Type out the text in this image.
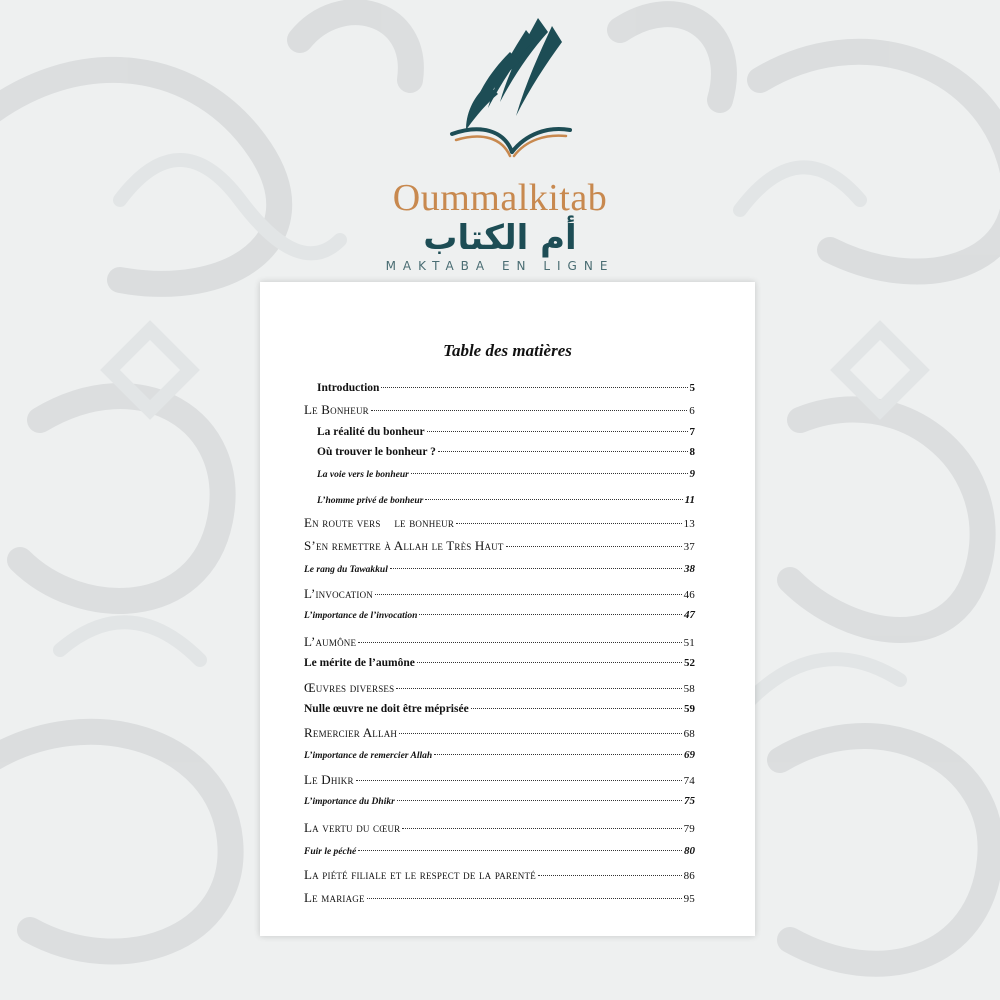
Oummalkitab
أم الكتاب
MAKTABA EN LIGNE
Table des matières
Introduction	5
Le Bonheur	6
La réalité du bonheur	7
Où trouver le bonheur ?	8
La voie vers le bonheur	9
L’homme privé de bonheur	11
En route vers    le bonheur	13
S’en remettre à Allah le Très Haut	37
Le rang du Tawakkul	38
L’invocation	46
L’importance de l’invocation	47
L’aumône	51
Le mérite de l’aumône	52
Œuvres diverses	58
Nulle œuvre ne doit être méprisée	59
Remercier Allah	68
L’importance de remercier Allah	69
Le Dhikr	74
L’importance du Dhikr	75
La vertu du cœur	79
Fuir le péché	80
La piété filiale et le respect de la parenté	86
Le mariage	95
